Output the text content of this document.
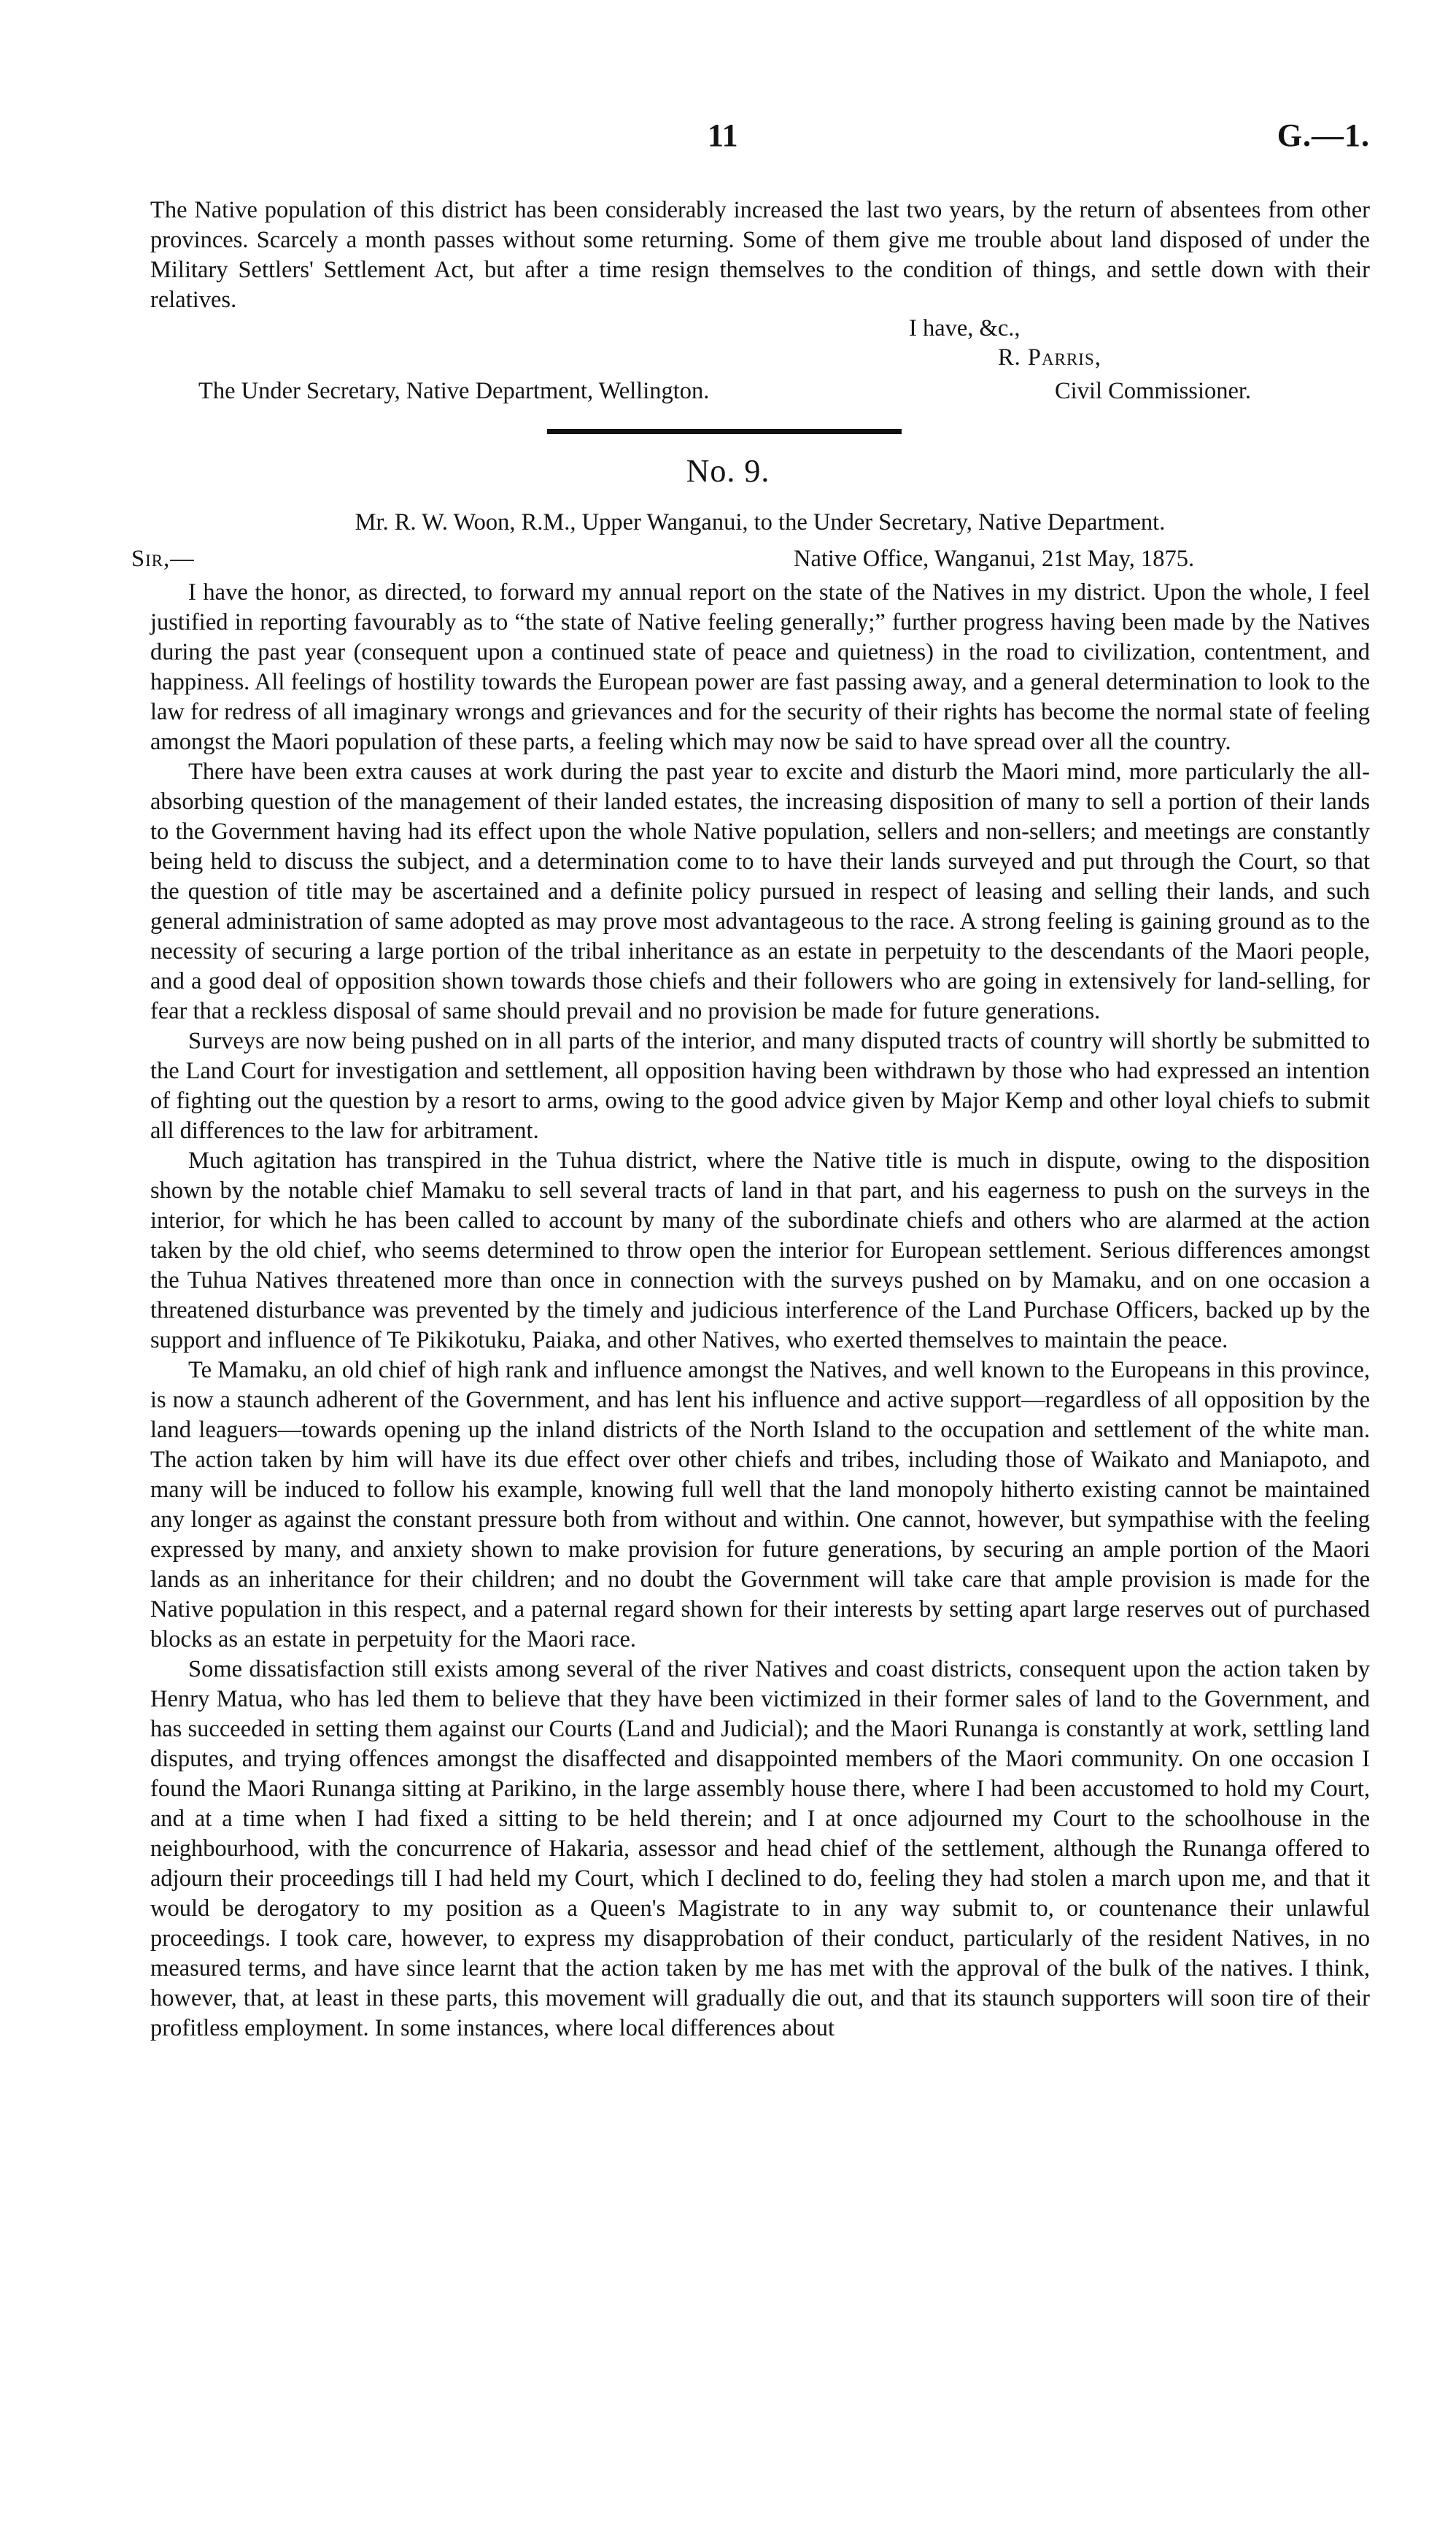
11	G.—1.

The Native population of this district has been considerably increased the last two years, by the return of absentees from other provinces. Scarcely a month passes without some returning. Some of them give me trouble about land disposed of under the Military Settlers' Settlement Act, but after a time resign themselves to the condition of things, and settle down with their relatives.

I have, &c.,
R. Parris,
The Under Secretary, Native Department, Wellington.	Civil Commissioner.
No. 9.
Mr. R. W. Woon, R.M., Upper Wanganui, to the Under Secretary, Native Department.
Sir,—	Native Office, Wanganui, 21st May, 1875.

I have the honor, as directed, to forward my annual report on the state of the Natives in my district. Upon the whole, I feel justified in reporting favourably as to “the state of Native feeling generally;” further progress having been made by the Natives during the past year (consequent upon a continued state of peace and quietness) in the road to civilization, contentment, and happiness. All feelings of hostility towards the European power are fast passing away, and a general determination to look to the law for redress of all imaginary wrongs and grievances and for the security of their rights has become the normal state of feeling amongst the Maori population of these parts, a feeling which may now be said to have spread over all the country.

There have been extra causes at work during the past year to excite and disturb the Maori mind, more particularly the all-absorbing question of the management of their landed estates, the increasing disposition of many to sell a portion of their lands to the Government having had its effect upon the whole Native population, sellers and non-sellers; and meetings are constantly being held to discuss the subject, and a determination come to to have their lands surveyed and put through the Court, so that the question of title may be ascertained and a definite policy pursued in respect of leasing and selling their lands, and such general administration of same adopted as may prove most advantageous to the race. A strong feeling is gaining ground as to the necessity of securing a large portion of the tribal inheritance as an estate in perpetuity to the descendants of the Maori people, and a good deal of opposition shown towards those chiefs and their followers who are going in extensively for land-selling, for fear that a reckless disposal of same should prevail and no provision be made for future generations.

Surveys are now being pushed on in all parts of the interior, and many disputed tracts of country will shortly be submitted to the Land Court for investigation and settlement, all opposition having been withdrawn by those who had expressed an intention of fighting out the question by a resort to arms, owing to the good advice given by Major Kemp and other loyal chiefs to submit all differences to the law for arbitrament.

Much agitation has transpired in the Tuhua district, where the Native title is much in dispute, owing to the disposition shown by the notable chief Mamaku to sell several tracts of land in that part, and his eagerness to push on the surveys in the interior, for which he has been called to account by many of the subordinate chiefs and others who are alarmed at the action taken by the old chief, who seems determined to throw open the interior for European settlement. Serious differences amongst the Tuhua Natives threatened more than once in connection with the surveys pushed on by Mamaku, and on one occasion a threatened disturbance was prevented by the timely and judicious interference of the Land Purchase Officers, backed up by the support and influence of Te Pikikotuku, Paiaka, and other Natives, who exerted themselves to maintain the peace.

Te Mamaku, an old chief of high rank and influence amongst the Natives, and well known to the Europeans in this province, is now a staunch adherent of the Government, and has lent his influence and active support—regardless of all opposition by the land leaguers—towards opening up the inland districts of the North Island to the occupation and settlement of the white man. The action taken by him will have its due effect over other chiefs and tribes, including those of Waikato and Maniapoto, and many will be induced to follow his example, knowing full well that the land monopoly hitherto existing cannot be maintained any longer as against the constant pressure both from without and within. One cannot, however, but sympathise with the feeling expressed by many, and anxiety shown to make provision for future generations, by securing an ample portion of the Maori lands as an inheritance for their children; and no doubt the Government will take care that ample provision is made for the Native population in this respect, and a paternal regard shown for their interests by setting apart large reserves out of purchased blocks as an estate in perpetuity for the Maori race.

Some dissatisfaction still exists among several of the river Natives and coast districts, consequent upon the action taken by Henry Matua, who has led them to believe that they have been victimized in their former sales of land to the Government, and has succeeded in setting them against our Courts (Land and Judicial); and the Maori Runanga is constantly at work, settling land disputes, and trying offences amongst the disaffected and disappointed members of the Maori community. On one occasion I found the Maori Runanga sitting at Parikino, in the large assembly house there, where I had been accustomed to hold my Court, and at a time when I had fixed a sitting to be held therein; and I at once adjourned my Court to the schoolhouse in the neighbourhood, with the concurrence of Hakaria, assessor and head chief of the settlement, although the Runanga offered to adjourn their proceedings till I had held my Court, which I declined to do, feeling they had stolen a march upon me, and that it would be derogatory to my position as a Queen's Magistrate to in any way submit to, or countenance their unlawful proceedings. I took care, however, to express my disapprobation of their conduct, particularly of the resident Natives, in no measured terms, and have since learnt that the action taken by me has met with the approval of the bulk of the natives. I think, however, that, at least in these parts, this movement will gradually die out, and that its staunch supporters will soon tire of their profitless employment. In some instances, where local differences about
